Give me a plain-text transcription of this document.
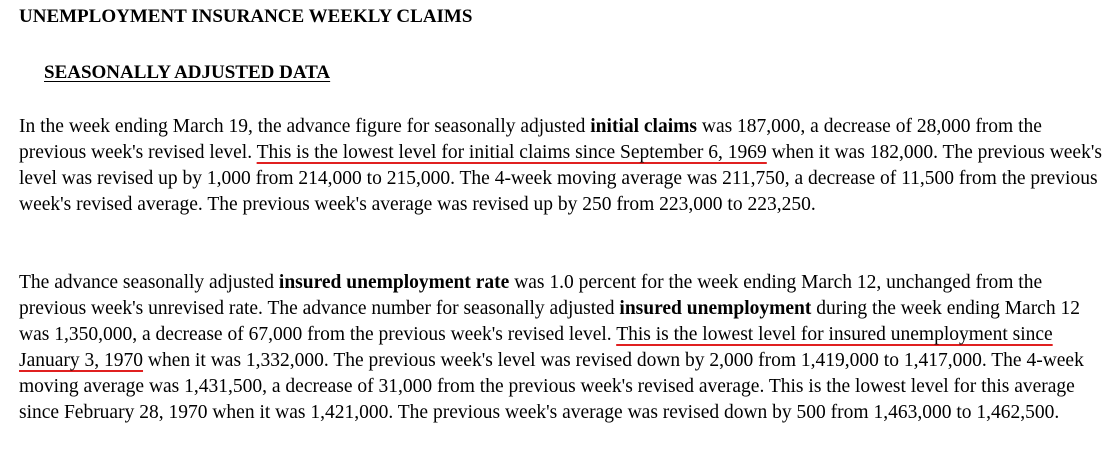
UNEMPLOYMENT INSURANCE WEEKLY CLAIMS
SEASONALLY ADJUSTED DATA

In the week ending March 19, the advance figure for seasonally adjusted initial claims was 187,000, a decrease of 28,000 from the previous week's revised level. This is the lowest level for initial claims since September 6, 1969 when it was 182,000. The previous week's level was revised up by 1,000 from 214,000 to 215,000. The 4-week moving average was 211,750, a decrease of 11,500 from the previous week's revised average. The previous week's average was revised up by 250 from 223,000 to 223,250.

The advance seasonally adjusted insured unemployment rate was 1.0 percent for the week ending March 12, unchanged from the previous week's unrevised rate. The advance number for seasonally adjusted insured unemployment during the week ending March 12 was 1,350,000, a decrease of 67,000 from the previous week's revised level. This is the lowest level for insured unemployment since January 3, 1970 when it was 1,332,000. The previous week's level was revised down by 2,000 from 1,419,000 to 1,417,000. The 4-week moving average was 1,431,500, a decrease of 31,000 from the previous week's revised average. This is the lowest level for this average since February 28, 1970 when it was 1,421,000. The previous week's average was revised down by 500 from 1,463,000 to 1,462,500.
